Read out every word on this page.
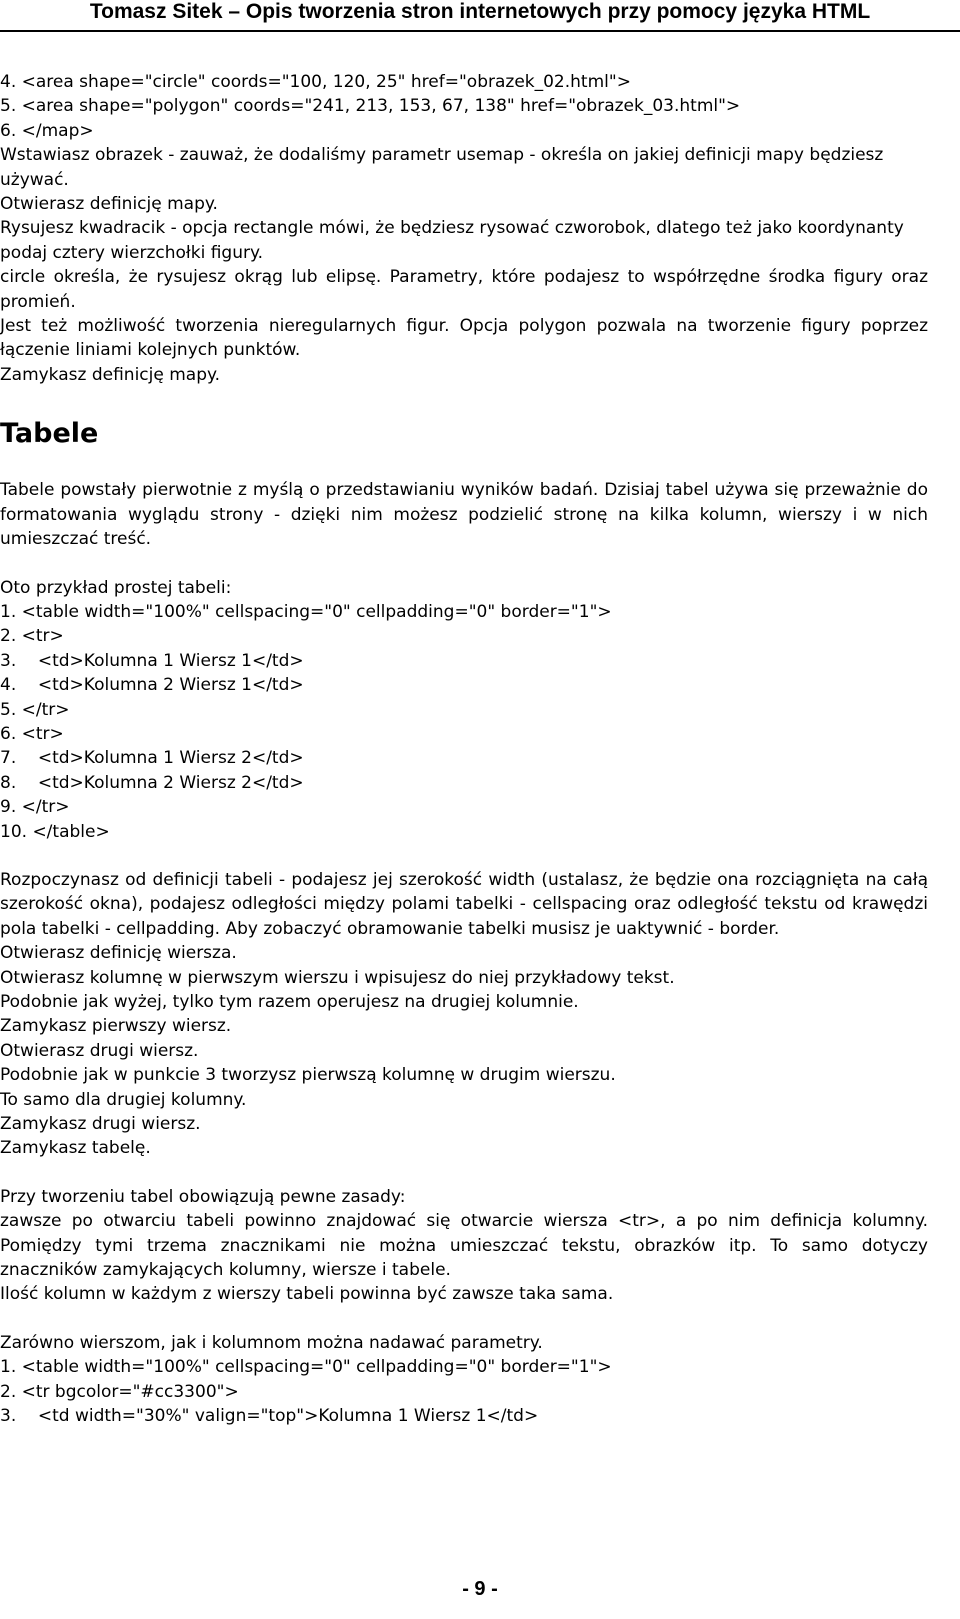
Tomasz Sitek – Opis tworzenia stron internetowych przy pomocy języka HTML
4. <area shape="circle" coords="100, 120, 25" href="obrazek_02.html">
5. <area shape="polygon" coords="241, 213, 153, 67, 138" href="obrazek_03.html">
6. </map>
Wstawiasz obrazek - zauważ, że dodaliśmy parametr usemap - określa on jakiej definicji mapy będziesz używać.
Otwierasz definicję mapy.
Rysujesz kwadracik - opcja rectangle mówi, że będziesz rysować czworobok, dlatego też jako koordynanty podaj cztery wierzchołki figury.
circle określa, że rysujesz okrąg lub elipsę. Parametry, które podajesz to współrzędne środka figury oraz promień.
Jest też możliwość tworzenia nieregularnych figur. Opcja polygon pozwala na tworzenie figury poprzez łączenie liniami kolejnych punktów.
Zamykasz definicję mapy.
Tabele
Tabele powstały pierwotnie z myślą o przedstawianiu wyników badań. Dzisiaj tabel używa się przeważnie do formatowania wyglądu strony - dzięki nim możesz podzielić stronę na kilka kolumn, wierszy i w nich umieszczać treść.
Oto przykład prostej tabeli:
1. <table width="100%" cellspacing="0" cellpadding="0" border="1">
2. <tr>
3.    <td>Kolumna 1 Wiersz 1</td>
4.    <td>Kolumna 2 Wiersz 1</td>
5. </tr>
6. <tr>
7.    <td>Kolumna 1 Wiersz 2</td>
8.    <td>Kolumna 2 Wiersz 2</td>
9. </tr>
10. </table>
Rozpoczynasz od definicji tabeli - podajesz jej szerokość width (ustalasz, że będzie ona rozciągnięta na całą szerokość okna), podajesz odległości między polami tabelki - cellspacing oraz odległość tekstu od krawędzi pola tabelki - cellpadding. Aby zobaczyć obramowanie tabelki musisz je uaktywnić - border.
Otwierasz definicję wiersza.
Otwierasz kolumnę w pierwszym wierszu i wpisujesz do niej przykładowy tekst.
Podobnie jak wyżej, tylko tym razem operujesz na drugiej kolumnie.
Zamykasz pierwszy wiersz.
Otwierasz drugi wiersz.
Podobnie jak w punkcie 3 tworzysz pierwszą kolumnę w drugim wierszu.
To samo dla drugiej kolumny.
Zamykasz drugi wiersz.
Zamykasz tabelę.
Przy tworzeniu tabel obowiązują pewne zasady:
zawsze po otwarciu tabeli powinno znajdować się otwarcie wiersza <tr>, a po nim definicja kolumny. Pomiędzy tymi trzema znacznikami nie można umieszczać tekstu, obrazków itp. To samo dotyczy znaczników zamykających kolumny, wiersze i tabele.
Ilość kolumn w każdym z wierszy tabeli powinna być zawsze taka sama.
Zarówno wierszom, jak i kolumnom można nadawać parametry.
1. <table width="100%" cellspacing="0" cellpadding="0" border="1">
2. <tr bgcolor="#cc3300">
3.    <td width="30%" valign="top">Kolumna 1 Wiersz 1</td>
- 9 -
